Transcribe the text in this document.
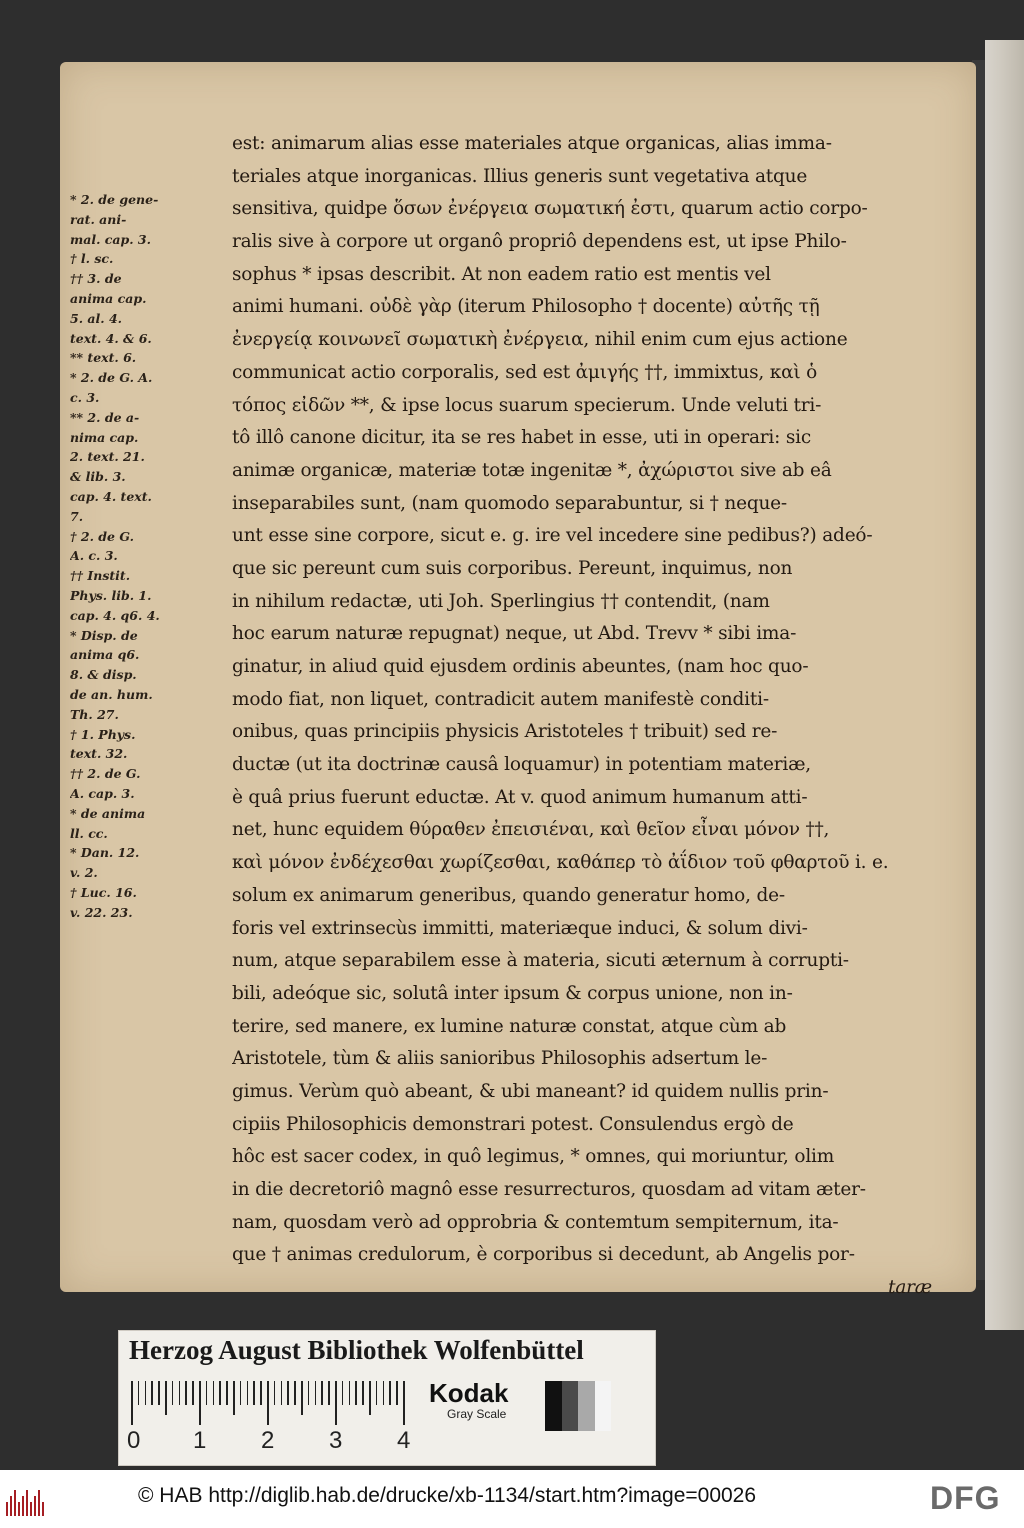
* 2. de gene-
rat. ani-
mal. cap. 3.
† l. sc.
†† 3. de
anima cap.
5. al. 4.
text. 4. & 6.
** text. 6.
* 2. de G. A.
c. 3.
** 2. de a-
nima cap.
2. text. 21.
& lib. 3.
cap. 4. text.
7.
† 2. de G.
A. c. 3.
†† Instit.
Phys. lib. 1.
cap. 4. q6. 4.
* Disp. de
anima q6.
8. & disp.
de an. hum.
Th. 27.
† 1. Phys.
text. 32.
†† 2. de G.
A. cap. 3.
* de anima
ll. cc.
* Dan. 12.
v. 2.
† Luc. 16.
v. 22. 23.
est: animarum alias esse materiales atque organicas, alias imma-
teriales atque inorganicas. Illius generis sunt vegetativa atque
sensitiva, quidpe ὅσων ἐνέργεια σωματική ἐστι, quarum actio corpo-
ralis sive à corpore ut organô propriô dependens est, ut ipse Philo-
sophus * ipsas describit. At non eadem ratio est mentis vel
animi humani. οὐδὲ γὰρ (iterum Philosopho † docente) αὐτῆς τῇ
ἐνεργείᾳ κοινωνεῖ σωματικὴ ἐνέργεια, nihil enim cum ejus actione
communicat actio corporalis, sed est ἀμιγής ††, immixtus, καὶ ὁ
τόπος εἰδῶν **, & ipse locus suarum specierum. Unde veluti tri-
tô illô canone dicitur, ita se res habet in esse, uti in operari: sic
animæ organicæ, materiæ totæ ingenitæ *, ἀχώριστοι sive ab eâ
inseparabiles sunt, (nam quomodo separabuntur, si † neque-
unt esse sine corpore, sicut e. g. ire vel incedere sine pedibus?) adeó-
que sic pereunt cum suis corporibus. Pereunt, inquimus, non
in nihilum redactæ, uti Joh. Sperlingius †† contendit, (nam
hoc earum naturæ repugnat) neque, ut Abd. Trevv * sibi ima-
ginatur, in aliud quid ejusdem ordinis abeuntes, (nam hoc quo-
modo fiat, non liquet, contradicit autem manifestè conditi-
onibus, quas principiis physicis Aristoteles † tribuit) sed re-
ductæ (ut ita doctrinæ causâ loquamur) in potentiam materiæ,
è quâ prius fuerunt eductæ. At v. quod animum humanum atti-
net, hunc equidem θύραθεν ἐπεισιέναι, καὶ θεῖον εἶναι μόνον ††,
καὶ μόνον ἐνδέχεσθαι χωρίζεσθαι, καθάπερ τὸ ἀΐδιον τοῦ φθαρτοῦ i. e.
solum ex animarum generibus, quando generatur homo, de-
foris vel extrinsecùs immitti, materiæque induci, & solum divi-
num, atque separabilem esse à materia, sicuti æternum à corrupti-
bili, adeóque sic, solutâ inter ipsum & corpus unione, non in-
terire, sed manere, ex lumine naturæ constat, atque cùm ab
Aristotele, tùm & aliis sanioribus Philosophis adsertum le-
gimus. Verùm quò abeant, & ubi maneant? id quidem nullis prin-
cipiis Philosophicis demonstrari potest. Consulendus ergò de
hôc est sacer codex, in quô legimus, * omnes, qui moriuntur, olim
in die decretoriô magnô esse resurrecturos, quosdam ad vitam æter-
nam, quosdam verò ad opprobria & contemtum sempiternum, ita-
que † animas credulorum, è corporibus si decedunt, ab Angelis por-
taræ
Herzog August Bibliothek Wolfenbüttel
0 1 2 3 4
Kodak
Gray Scale
© HAB http://diglib.hab.de/drucke/xb-1134/start.htm?image=00026	DFG
